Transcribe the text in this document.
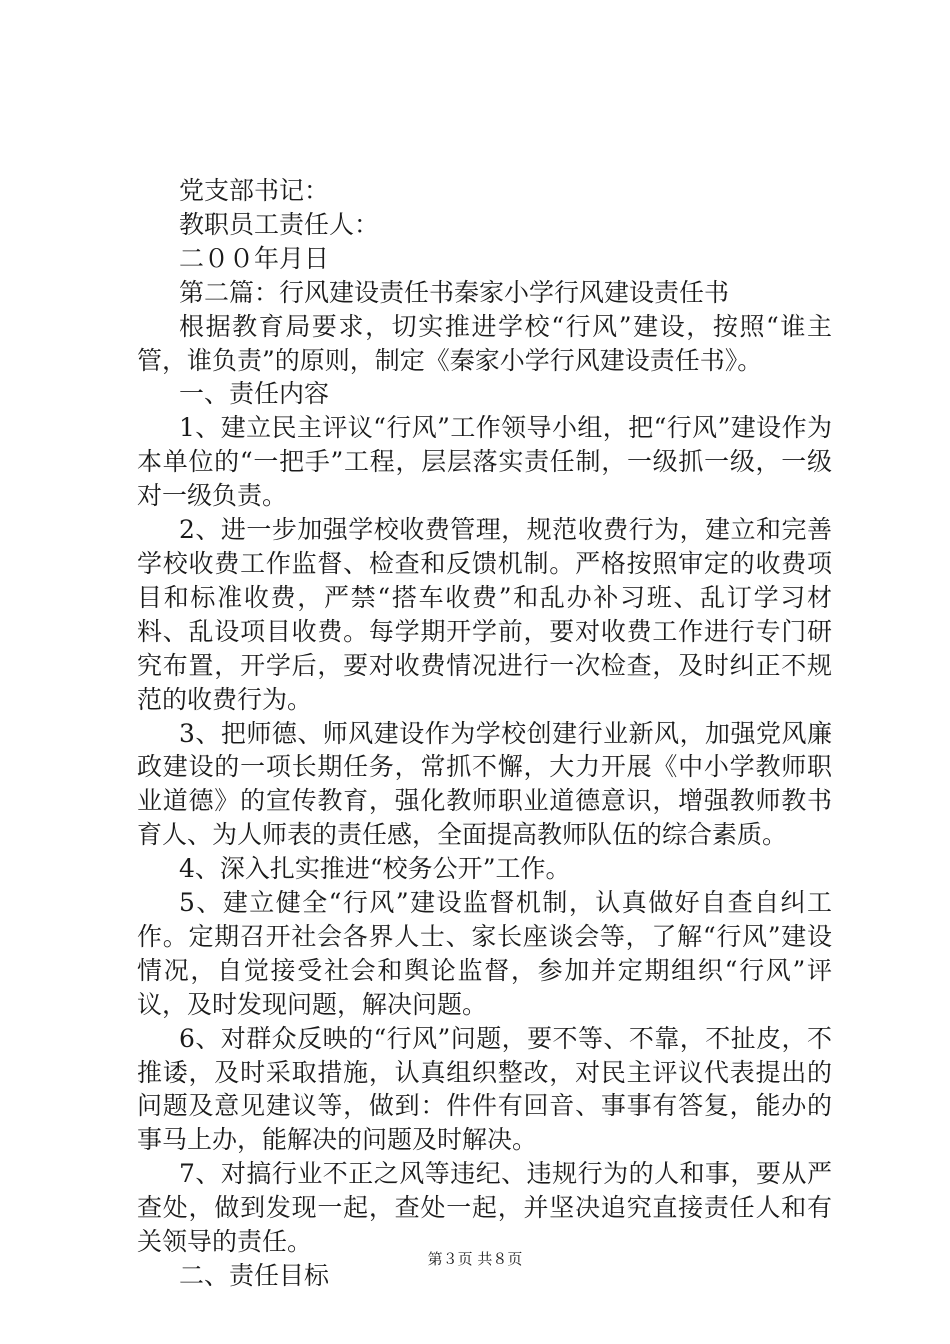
党支部书记：

教职员工责任人：

二００年月日

第二篇：行风建设责任书秦家小学行风建设责任书

根据教育局要求，切实推进学校“行风”建设，按照“谁主管，谁负责”的原则，制定《秦家小学行风建设责任书》。

一、责任内容

1、建立民主评议“行风”工作领导小组，把“行风”建设作为本单位的“一把手”工程，层层落实责任制，一级抓一级，一级对一级负责。

2、进一步加强学校收费管理，规范收费行为，建立和完善学校收费工作监督、检查和反馈机制。严格按照审定的收费项目和标准收费，严禁“搭车收费”和乱办补习班、乱订学习材料、乱设项目收费。每学期开学前，要对收费工作进行专门研究布置，开学后，要对收费情况进行一次检查，及时纠正不规范的收费行为。

3、把师德、师风建设作为学校创建行业新风，加强党风廉政建设的一项长期任务，常抓不懈，大力开展《中小学教师职业道德》的宣传教育，强化教师职业道德意识，增强教师教书育人、为人师表的责任感，全面提高教师队伍的综合素质。

4、深入扎实推进“校务公开”工作。

5、建立健全“行风”建设监督机制，认真做好自查自纠工作。定期召开社会各界人士、家长座谈会等，了解“行风”建设情况，自觉接受社会和舆论监督，参加并定期组织“行风”评议，及时发现问题，解决问题。

6、对群众反映的“行风”问题，要不等、不靠，不扯皮，不推诿，及时采取措施，认真组织整改，对民主评议代表提出的问题及意见建议等，做到：件件有回音、事事有答复，能办的事马上办，能解决的问题及时解决。

7、对搞行业不正之风等违纪、违规行为的人和事，要从严查处，做到发现一起，查处一起，并坚决追究直接责任人和有关领导的责任。

二、责任目标

第３页 共８页
